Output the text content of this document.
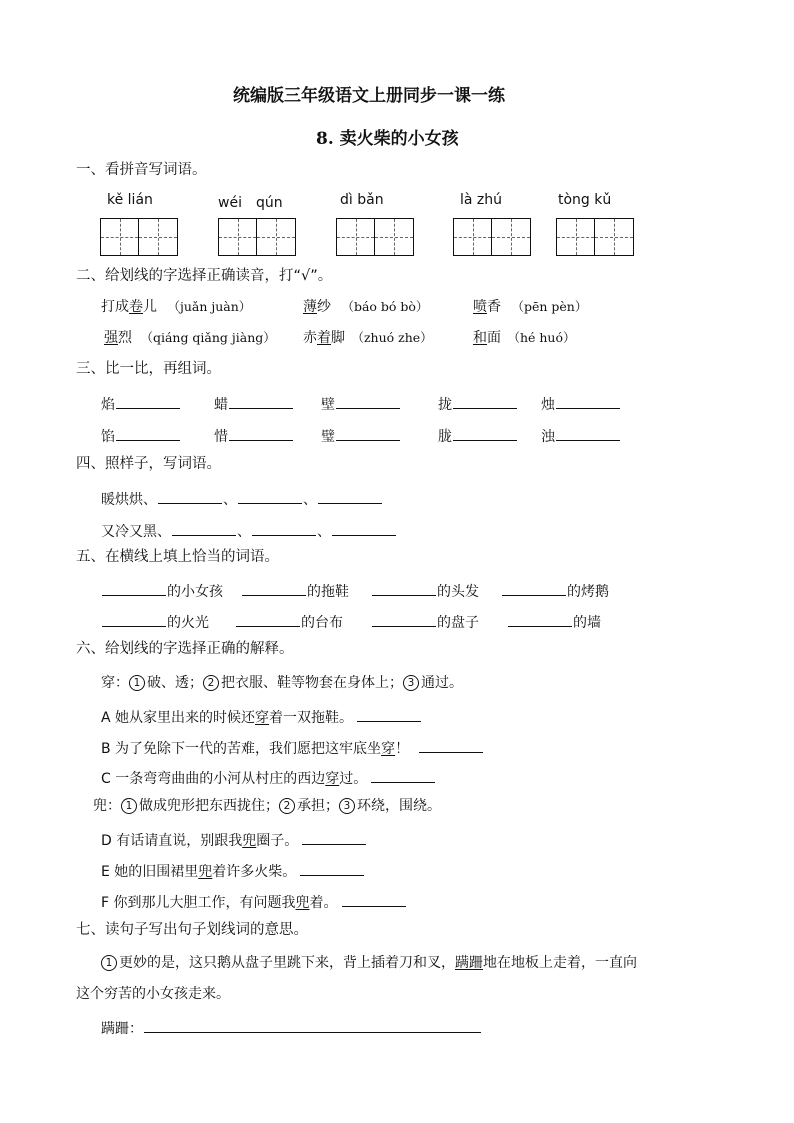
统编版三年级语文上册同步一课一练
8. 卖火柴的小女孩
一、看拼音写词语。
kě lián	wéi　qún	dì bǎn	là zhú	tòng kǔ
二、给划线的字选择正确读音，打“√”。
打成卷儿 （juǎn juàn）	薄纱 （báo bó bò）	喷香 （pēn pèn）
强烈 （qiáng qiǎng jiàng） 赤着脚 （zhuó zhe）	和面 （hé huó）
三、比一比，再组词。
焰	蜡	壁	拢	烛
馅	惜	璧	胧	浊
四、照样子，写词语。
暖烘烘、	、	、
又冷又黑、	、	、
五、在横线上填上恰当的词语。
的小女孩	的拖鞋	的头发	的烤鹅
的火光	的台布	的盘子	的墙
六、给划线的字选择正确的解释。
穿： 1 破、透； 2 把衣服、鞋等物套在身体上； 3 通过。
A 她从家里出来的时候还穿着一双拖鞋。
B 为了免除下一代的苦难，我们愿把这牢底坐穿！
C 一条弯弯曲曲的小河从村庄的西边穿过。
兜： 1 做成兜形把东西拢住； 2 承担； 3 环绕，围绕。
D 有话请直说，别跟我兜圈子。
E 她的旧围裙里兜着许多火柴。
F 你到那儿大胆工作，有问题我兜着。
七、读句子写出句子划线词的意思。
1 更妙的是，这只鹅从盘子里跳下来，背上插着刀和叉，蹒跚地在地板上走着，一直向
这个穷苦的小女孩走来。
蹒跚：
